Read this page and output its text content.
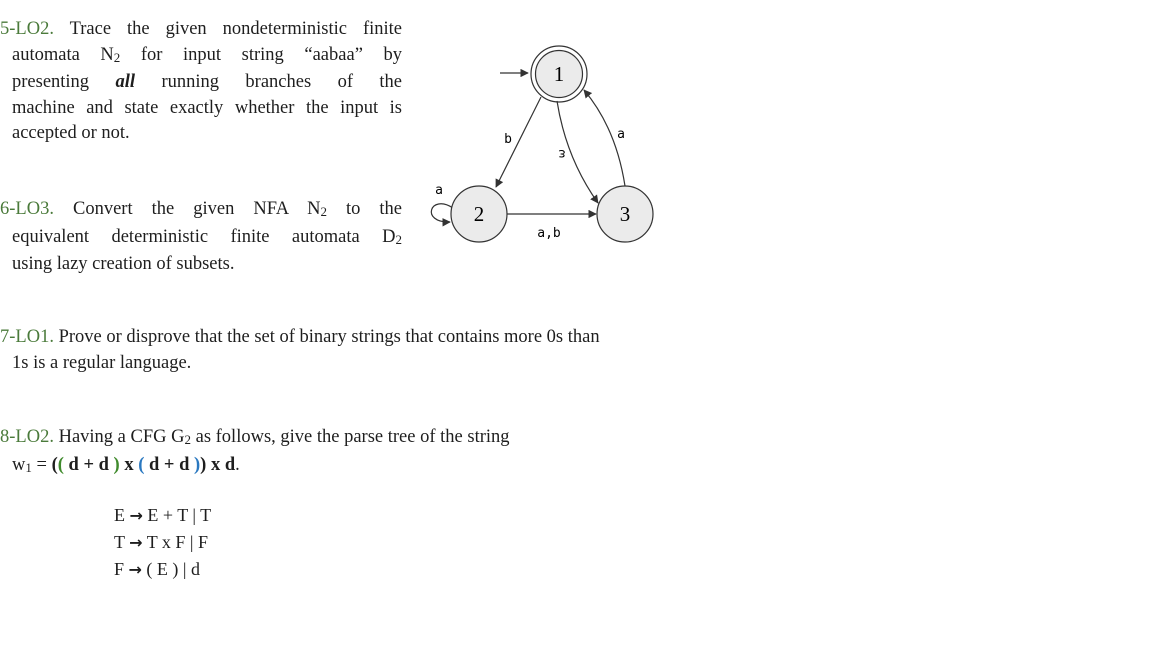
5-LO2. Trace the given nondeterministic finite
automata $N_2$ for input string “aabaa” by
presenting all running branches of the
machine and state exactly whether the input is
accepted or not.
6-LO3. Convert the given NFA $N_2$ to the
equivalent deterministic finite automata $D_2$
using lazy creation of subsets.
7-LO1. Prove or disprove that the set of binary strings that contains more 0s than
1s is a regular language.
8-LO2. Having a CFG $G_2$ as follows, give the parse tree of the string
$w_1$ = (( d + d ) x ( d + d )) x d.
E → E + T | T
T → T x F | F
F → ( E ) | d
1
2	3
b
ε
a
a
a,b
